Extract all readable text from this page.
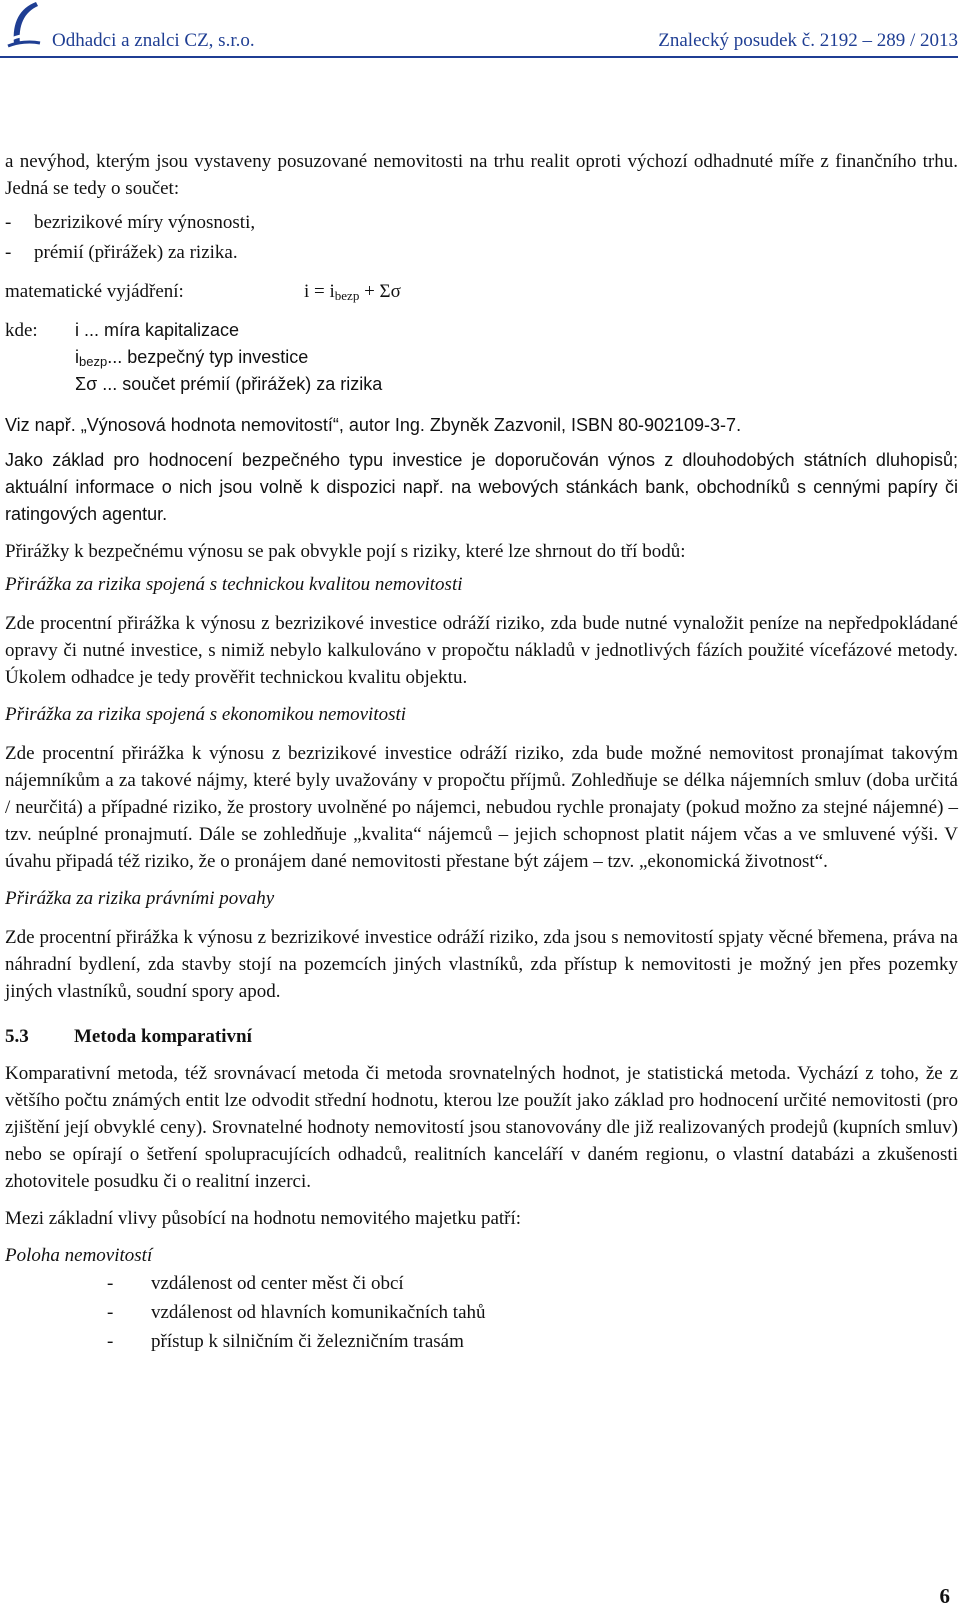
Odhadci a znalci CZ, s.r.o.	Znalecký posudek č. 2192 – 289 / 2013

a nevýhod, kterým jsou vystaveny posuzované nemovitosti na trhu realit oproti výchozí odhadnuté míře z finančního trhu. Jedná se tedy o součet:

- bezrizikové míry výnosnosti,
- prémií (přirážek) za rizika.
matematické vyjádření:	$i = i_{bezp} + \Sigma\sigma$
kde: i ... míra kapitalizace
$i_{bezp}$... bezpečný typ investice
Σσ ... součet prémií (přirážek) za rizika

Viz např. „Výnosová hodnota nemovitostí“, autor Ing. Zbyněk Zazvonil, ISBN 80-902109-3-7.

Jako základ pro hodnocení bezpečného typu investice je doporučován výnos z dlouhodobých státních dluhopisů; aktuální informace o nich jsou volně k dispozici např. na webových stánkách bank, obchodníků s cennými papíry či ratingových agentur.

Přirážky k bezpečnému výnosu se pak obvykle pojí s riziky, které lze shrnout do tří bodů:

Přirážka za rizika spojená s technickou kvalitou nemovitosti

Zde procentní přirážka k výnosu z bezrizikové investice odráží riziko, zda bude nutné vynaložit peníze na nepředpokládané opravy či nutné investice, s nimiž nebylo kalkulováno v propočtu nákladů v jednotlivých fázích použité vícefázové metody. Úkolem odhadce je tedy prověřit technickou kvalitu objektu.

Přirážka za rizika spojená s ekonomikou nemovitosti

Zde procentní přirážka k výnosu z bezrizikové investice odráží riziko, zda bude možné nemovitost pronajímat takovým nájemníkům a za takové nájmy, které byly uvažovány v propočtu příjmů. Zohledňuje se délka nájemních smluv (doba určitá / neurčitá) a případné riziko, že prostory uvolněné po nájemci, nebudou rychle pronajaty (pokud možno za stejné nájemné) – tzv. neúplné pronajmutí. Dále se zohledňuje „kvalita“ nájemců – jejich schopnost platit nájem včas a ve smluvené výši. V úvahu připadá též riziko, že o pronájem dané nemovitosti přestane být zájem – tzv. „ekonomická životnost“.

Přirážka za rizika právními povahy

Zde procentní přirážka k výnosu z bezrizikové investice odráží riziko, zda jsou s nemovitostí spjaty věcné břemena, práva na náhradní bydlení, zda stavby stojí na pozemcích jiných vlastníků, zda přístup k nemovitosti je možný jen přes pozemky jiných vlastníků, soudní spory apod.

5.3 Metoda komparativní

Komparativní metoda, též srovnávací metoda či metoda srovnatelných hodnot, je statistická metoda. Vychází z toho, že z většího počtu známých entit lze odvodit střední hodnotu, kterou lze použít jako základ pro hodnocení určité nemovitosti (pro zjištění její obvyklé ceny). Srovnatelné hodnoty nemovitostí jsou stanovovány dle již realizovaných prodejů (kupních smluv) nebo se opírají o šetření spolupracujících odhadců, realitních kanceláří v daném regionu, o vlastní databázi a zkušenosti zhotovitele posudku či o realitní inzerci.

Mezi základní vlivy působící na hodnotu nemovitého majetku patří:

Poloha nemovitostí

- vzdálenost od center měst či obcí
- vzdálenost od hlavních komunikačních tahů
- přístup k silničním či železničním trasám
6
